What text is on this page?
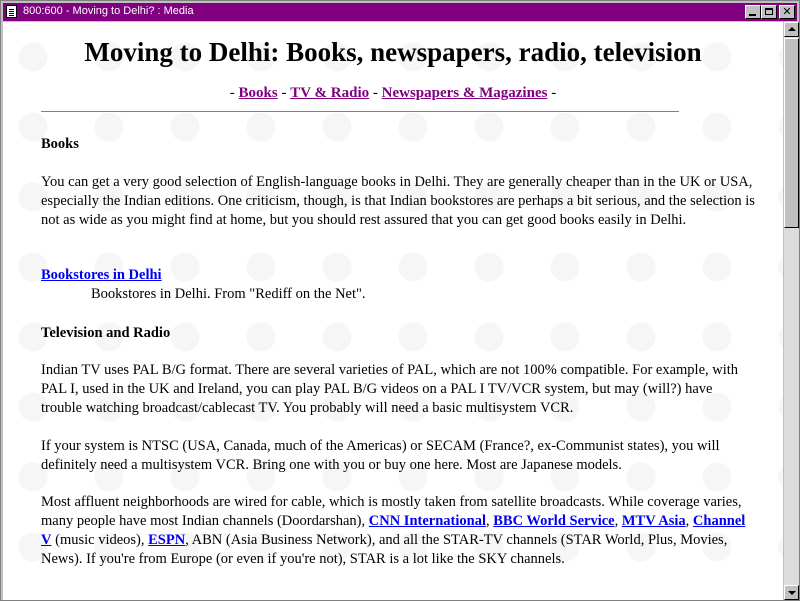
800:600 - Moving to Delhi? : Media	✕
Moving to Delhi: Books, newspapers, radio, television
- Books - TV & Radio - Newspapers & Magazines -
Books
You can get a very good selection of English-language books in Delhi. They are generally cheaper than in the UK or USA, especially the Indian editions. One criticism, though, is that Indian bookstores are perhaps a bit serious, and the selection is not as wide as you might find at home, but you should rest assured that you can get good books easily in Delhi.
Bookstores in Delhi
Bookstores in Delhi. From "Rediff on the Net".
Television and Radio
Indian TV uses PAL B/G format. There are several varieties of PAL, which are not 100% compatible. For example, with PAL I, used in the UK and Ireland, you can play PAL B/G videos on a PAL I TV/VCR system, but may (will?) have trouble watching broadcast/cablecast TV. You probably will need a basic multisystem VCR.
If your system is NTSC (USA, Canada, much of the Americas) or SECAM (France?, ex-Communist states), you will definitely need a multisystem VCR. Bring one with you or buy one here. Most are Japanese models.
Most affluent neighborhoods are wired for cable, which is mostly taken from satellite broadcasts. While coverage varies, many people have most Indian channels (Doordarshan), CNN International, BBC World Service, MTV Asia, Channel V (music videos), ESPN, ABN (Asia Business Network), and all the STAR-TV channels (STAR World, Plus, Movies, News). If you're from Europe (or even if you're not), STAR is a lot like the SKY channels.
